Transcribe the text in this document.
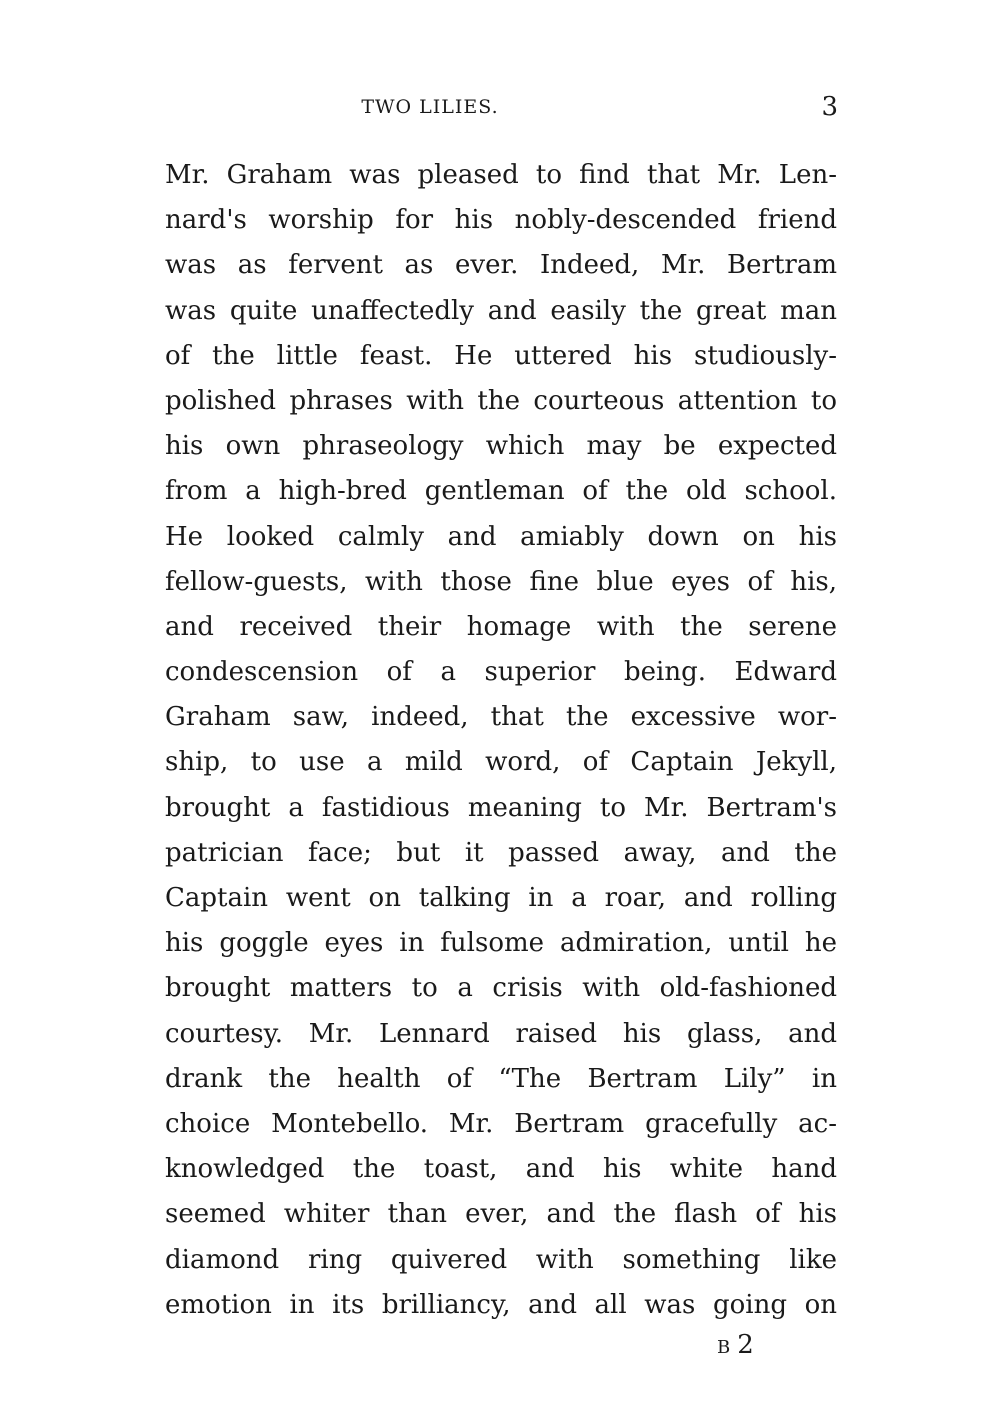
TWO LILIES.	3
Mr. Graham was pleased to find that Mr. Len-
nard's worship for his nobly-descended friend
was as fervent as ever. Indeed, Mr. Bertram
was quite unaffectedly and easily the great man
of the little feast. He uttered his studiously-
polished phrases with the courteous attention to
his own phraseology which may be expected
from a high-bred gentleman of the old school.
He looked calmly and amiably down on his
fellow-guests, with those fine blue eyes of his,
and received their homage with the serene
condescension of a superior being. Edward
Graham saw, indeed, that the excessive wor-
ship, to use a mild word, of Captain Jekyll,
brought a fastidious meaning to Mr. Bertram's
patrician face; but it passed away, and the
Captain went on talking in a roar, and rolling
his goggle eyes in fulsome admiration, until he
brought matters to a crisis with old-fashioned
courtesy. Mr. Lennard raised his glass, and
drank the health of “The Bertram Lily” in
choice Montebello. Mr. Bertram gracefully ac-
knowledged the toast, and his white hand
seemed whiter than ever, and the flash of his
diamond ring quivered with something like
emotion in its brilliancy, and all was going on
B 2
